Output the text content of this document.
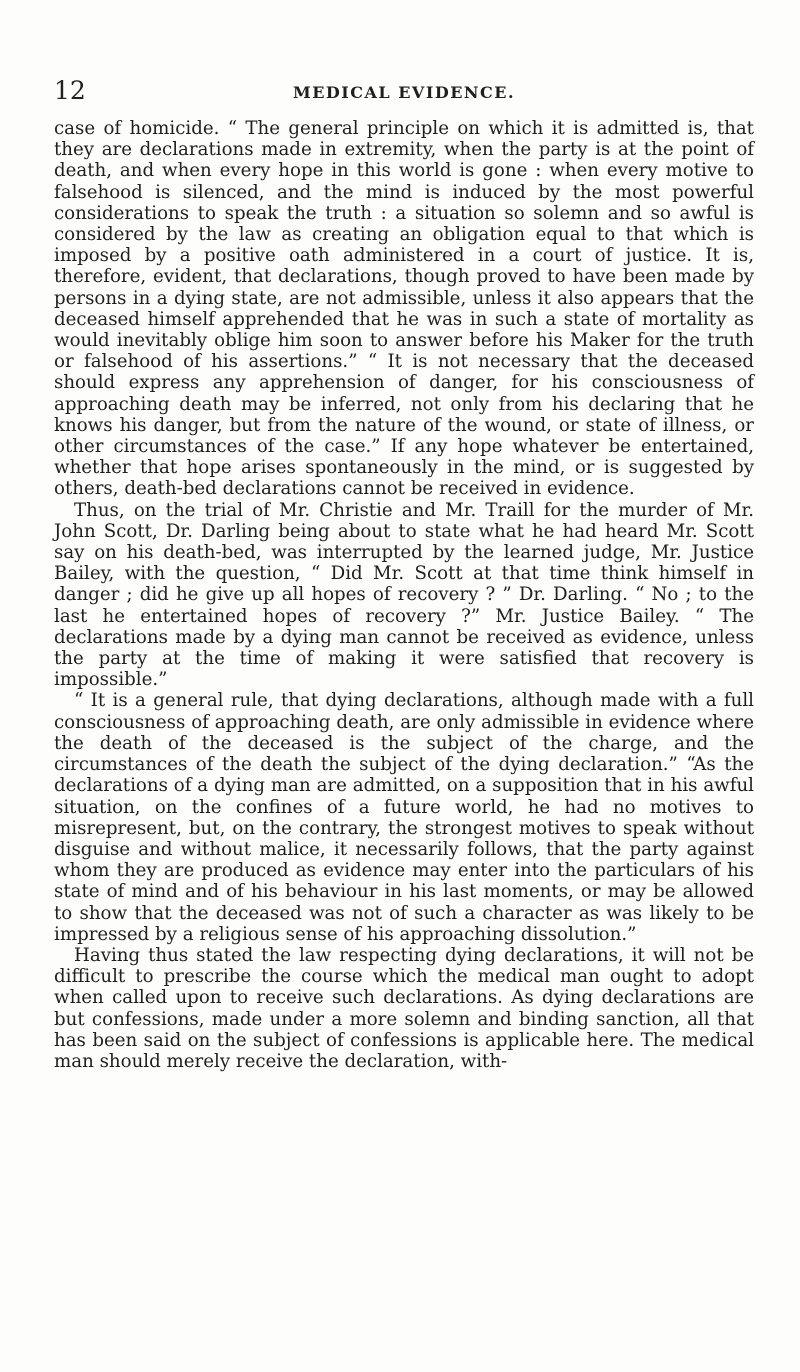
12	MEDICAL EVIDENCE.

case of homicide. “ The general principle on which it is admitted is, that they are declarations made in extremity, when the party is at the point of death, and when every hope in this world is gone : when every motive to falsehood is silenced, and the mind is induced by the most powerful considerations to speak the truth : a situation so solemn and so awful is considered by the law as creating an obligation equal to that which is imposed by a positive oath administered in a court of justice. It is, therefore, evident, that declarations, though proved to have been made by persons in a dying state, are not admissible, unless it also appears that the deceased himself apprehended that he was in such a state of mortality as would inevitably oblige him soon to answer before his Maker for the truth or falsehood of his assertions.” “ It is not necessary that the deceased should express any apprehension of danger, for his consciousness of approaching death may be inferred, not only from his declaring that he knows his danger, but from the nature of the wound, or state of illness, or other circumstances of the case.” If any hope whatever be entertained, whether that hope arises spontaneously in the mind, or is suggested by others, death-bed declarations cannot be received in evidence.

Thus, on the trial of Mr. Christie and Mr. Traill for the murder of Mr. John Scott, Dr. Darling being about to state what he had heard Mr. Scott say on his death-bed, was interrupted by the learned judge, Mr. Justice Bailey, with the question, “ Did Mr. Scott at that time think himself in danger ; did he give up all hopes of recovery ? ” Dr. Darling. “ No ; to the last he entertained hopes of recovery ?” Mr. Justice Bailey. “ The declarations made by a dying man cannot be received as evidence, unless the party at the time of making it were satisfied that recovery is impossible.”

“ It is a general rule, that dying declarations, although made with a full consciousness of approaching death, are only admissible in evidence where the death of the deceased is the subject of the charge, and the circumstances of the death the subject of the dying declaration.” “As the declarations of a dying man are admitted, on a supposition that in his awful situation, on the confines of a future world, he had no motives to misrepresent, but, on the contrary, the strongest motives to speak without disguise and without malice, it necessarily follows, that the party against whom they are produced as evidence may enter into the particulars of his state of mind and of his behaviour in his last moments, or may be allowed to show that the deceased was not of such a character as was likely to be impressed by a religious sense of his approaching dissolution.”

Having thus stated the law respecting dying declarations, it will not be difficult to prescribe the course which the medical man ought to adopt when called upon to receive such declarations. As dying declarations are but confessions, made under a more solemn and binding sanction, all that has been said on the subject of confessions is applicable here. The medical man should merely receive the declaration, with-
